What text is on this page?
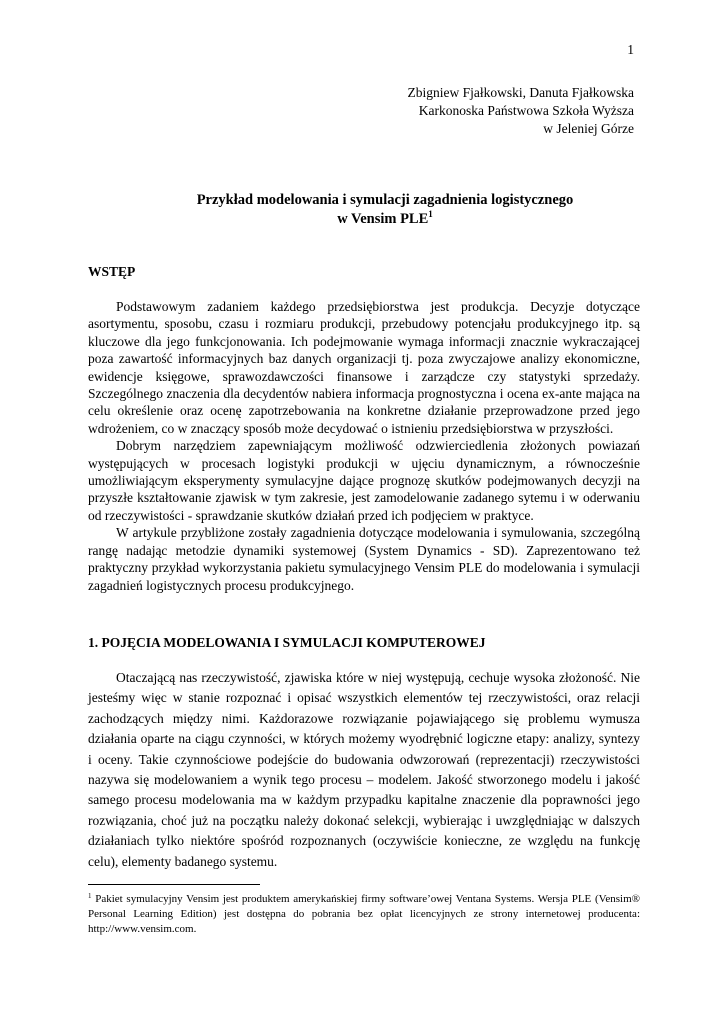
1
Zbigniew Fjałkowski, Danuta Fjałkowska
Karkonoska Państwowa Szkoła Wyższa
w Jeleniej Górze
Przykład modelowania i symulacji zagadnienia logistycznego
w Vensim PLE$^1$
WSTĘP

Podstawowym zadaniem każdego przedsiębiorstwa jest produkcja. Decyzje dotyczące asortymentu, sposobu, czasu i rozmiaru produkcji, przebudowy potencjału produkcyjnego itp. są kluczowe dla jego funkcjonowania. Ich podejmowanie wymaga informacji znacznie wykraczającej poza zawartość informacyjnych baz danych organizacji tj. poza zwyczajowe analizy ekonomiczne, ewidencje księgowe, sprawozdawczości finansowe i zarządcze czy statystyki sprzedaży. Szczególnego znaczenia dla decydentów nabiera informacja prognostyczna i ocena ex-ante mająca na celu określenie oraz ocenę zapotrzebowania na konkretne działanie przeprowadzone przed jego wdrożeniem, co w znaczący sposób może decydować o istnieniu przedsiębiorstwa w przyszłości.

Dobrym narzędziem zapewniającym możliwość odzwierciedlenia złożonych powiazań występujących w procesach logistyki produkcji w ujęciu dynamicznym, a równocześnie umożliwiającym eksperymenty symulacyjne dające prognozę skutków podejmowanych decyzji na przyszłe kształtowanie zjawisk w tym zakresie, jest zamodelowanie zadanego sytemu i w oderwaniu od rzeczywistości - sprawdzanie skutków działań przed ich podjęciem w praktyce.

W artykule przybliżone zostały zagadnienia dotyczące modelowania i symulowania, szczególną rangę nadając metodzie dynamiki systemowej (System Dynamics - SD). Zaprezentowano też praktyczny przykład wykorzystania pakietu symulacyjnego Vensim PLE do modelowania i symulacji zagadnień logistycznych procesu produkcyjnego.

1. POJĘCIA MODELOWANIA I SYMULACJI KOMPUTEROWEJ

Otaczającą nas rzeczywistość, zjawiska które w niej występują, cechuje wysoka złożoność. Nie jesteśmy więc w stanie rozpoznać i opisać wszystkich elementów tej rzeczywistości, oraz relacji zachodzących między nimi. Każdorazowe rozwiązanie pojawiającego się problemu wymusza działania oparte na ciągu czynności, w których możemy wyodrębnić logiczne etapy: analizy, syntezy i oceny. Takie czynnościowe podejście do budowania odwzorowań (reprezentacji) rzeczywistości nazywa się modelowaniem a wynik tego procesu – modelem. Jakość stworzonego modelu i jakość samego procesu modelowania ma w każdym przypadku kapitalne znaczenie dla poprawności jego rozwiązania, choć już na początku należy dokonać selekcji, wybierając i uwzględniając w dalszych działaniach tylko niektóre spośród rozpoznanych (oczywiście konieczne, ze względu na funkcję celu), elementy badanego systemu.

$^1$ Pakiet symulacyjny Vensim jest produktem amerykańskiej firmy software’owej Ventana Systems. Wersja PLE (Vensim® Personal Learning Edition) jest dostępna do pobrania bez opłat licencyjnych ze strony internetowej producenta: http://www.vensim.com.
